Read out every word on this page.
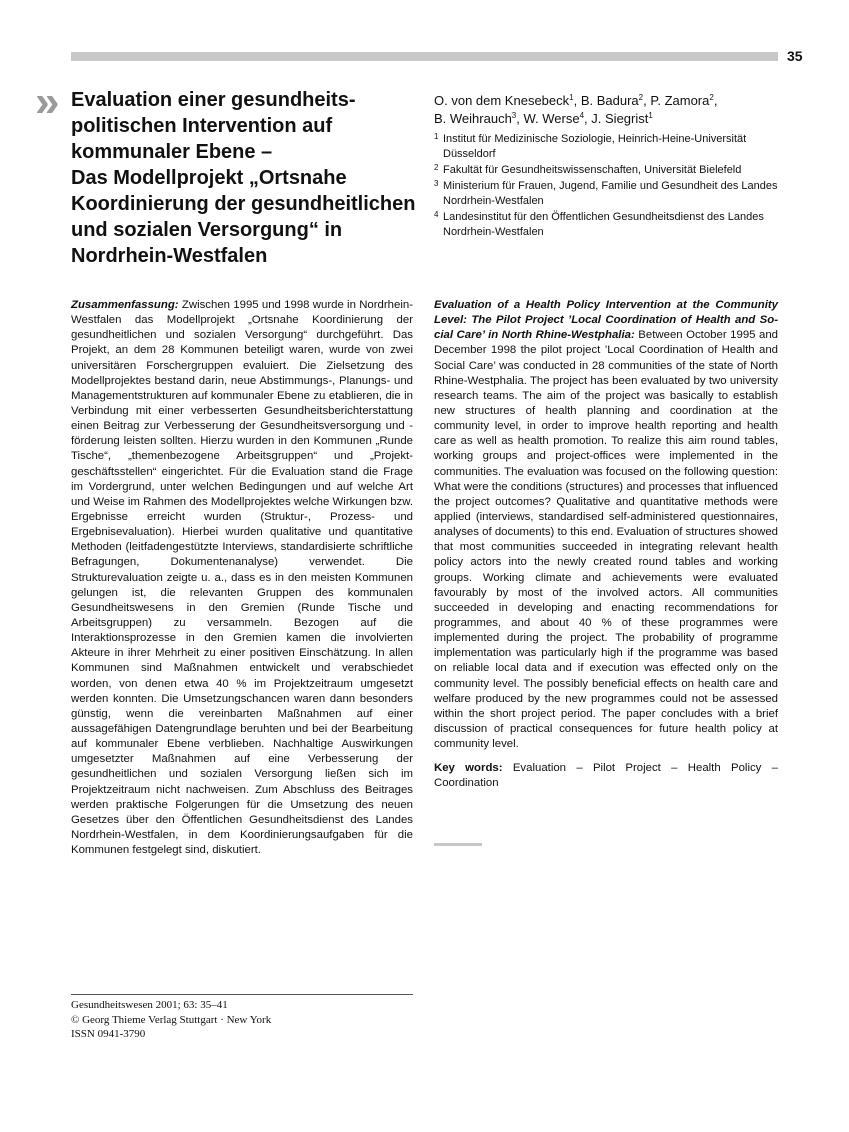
35
» Evaluation einer gesundheits-
politischen Intervention auf
kommunaler Ebene –
Das Modellprojekt „Ortsnahe
Koordinierung der gesundheitlichen
und sozialen Versorgung“ in
Nordrhein-Westfalen
O. von dem Knesebeck$^1$, B. Badura$^2$, P. Zamora$^2$,
B. Weihrauch$^3$, W. Werse$^4$, J. Siegrist$^1$
1 Institut für Medizinische Soziologie, Heinrich-Heine-Universität Düsseldorf
2 Fakultät für Gesundheitswissenschaften, Universität Bielefeld
3 Ministerium für Frauen, Jugend, Familie und Gesundheit des Landes Nordrhein-Westfalen
4 Landesinstitut für den Öffentlichen Gesundheitsdienst des Landes Nordrhein-Westfalen
Zusammenfassung: Zwischen 1995 und 1998 wurde in Nordrhein-Westfalen das Modellprojekt „Ortsnahe Koordinierung der gesundheitlichen und sozialen Versorgung“ durchgeführt. Das Projekt, an dem 28 Kommunen beteiligt waren, wurde von zwei universitären Forschergruppen evaluiert. Die Zielsetzung des Modellprojektes bestand darin, neue Abstimmungs-, Planungs- und Managementstrukturen auf kommunaler Ebene zu etablieren, die in Verbindung mit einer verbesserten Gesundheitsberichterstattung einen Beitrag zur Verbesserung der Gesundheitsversorgung und -förderung leisten sollten. Hierzu wurden in den Kommunen „Runde Tische“, „themenbezogene Arbeitsgruppen“ und „Projektgeschäftsstellen“ eingerichtet. Für die Evaluation stand die Frage im Vordergrund, unter welchen Bedingungen und auf welche Art und Weise im Rahmen des Modellprojektes welche Wirkungen bzw. Ergebnisse erreicht wurden (Struktur-, Prozess- und Ergebnisevaluation). Hierbei wurden qualitative und quantitative Methoden (leitfadengestützte Interviews, standardisierte schriftliche Befragungen, Dokumentenanalyse) verwendet. Die Strukturevaluation zeigte u. a., dass es in den meisten Kommunen gelungen ist, die relevanten Gruppen des kommunalen Gesundheitswesens in den Gremien (Runde Tische und Arbeitsgruppen) zu versammeln. Bezogen auf die Interaktionsprozesse in den Gremien kamen die involvierten Akteure in ihrer Mehrheit zu einer positiven Einschätzung. In allen Kommunen sind Maßnahmen entwickelt und verabschiedet worden, von denen etwa 40 % im Projektzeitraum umgesetzt werden konnten. Die Umsetzungschancen waren dann besonders günstig, wenn die vereinbarten Maßnahmen auf einer aussagefähigen Datengrundlage beruhten und bei der Bearbeitung auf kommunaler Ebene verblieben. Nachhaltige Auswirkungen umgesetzter Maßnahmen auf eine Verbesserung der gesundheitlichen und sozialen Versorgung ließen sich im Projektzeitraum nicht nachweisen. Zum Abschluss des Beitrages werden praktische Folgerungen für die Umsetzung des neuen Gesetzes über den Öffentlichen Gesundheitsdienst des Landes Nordrhein-Westfalen, in dem Koordinierungsaufgaben für die Kommunen festgelegt sind, diskutiert.
Evaluation of a Health Policy Intervention at the Community Level: The Pilot Project ’Local Coordination of Health and Social Care’ in North Rhine-Westphalia: Between October 1995 and December 1998 the pilot project ’Local Coordination of Health and Social Care’ was conducted in 28 communities of the state of North Rhine-Westphalia. The project has been evaluated by two university research teams. The aim of the project was basically to establish new structures of health planning and coordination at the community level, in order to improve health reporting and health care as well as health promotion. To realize this aim round tables, working groups and project-offices were implemented in the communities. The evaluation was focused on the following question: What were the conditions (structures) and processes that influenced the project outcomes? Qualitative and quantitative methods were applied (interviews, standardised self-administered questionnaires, analyses of documents) to this end. Evaluation of structures showed that most communities succeeded in integrating relevant health policy actors into the newly created round tables and working groups. Working climate and achievements were evaluated favourably by most of the involved actors. All communities succeeded in developing and enacting recommendations for programmes, and about 40 % of these programmes were implemented during the project. The probability of programme implementation was particularly high if the programme was based on reliable local data and if execution was effected only on the community level. The possibly beneficial effects on health care and welfare produced by the new programmes could not be assessed within the short project period. The paper concludes with a brief discussion of practical consequences for future health policy at community level.
Key words: Evaluation – Pilot Project – Health Policy – Coordination
Gesundheitswesen 2001; 63: 35–41
© Georg Thieme Verlag Stuttgart · New York
ISSN 0941-3790
